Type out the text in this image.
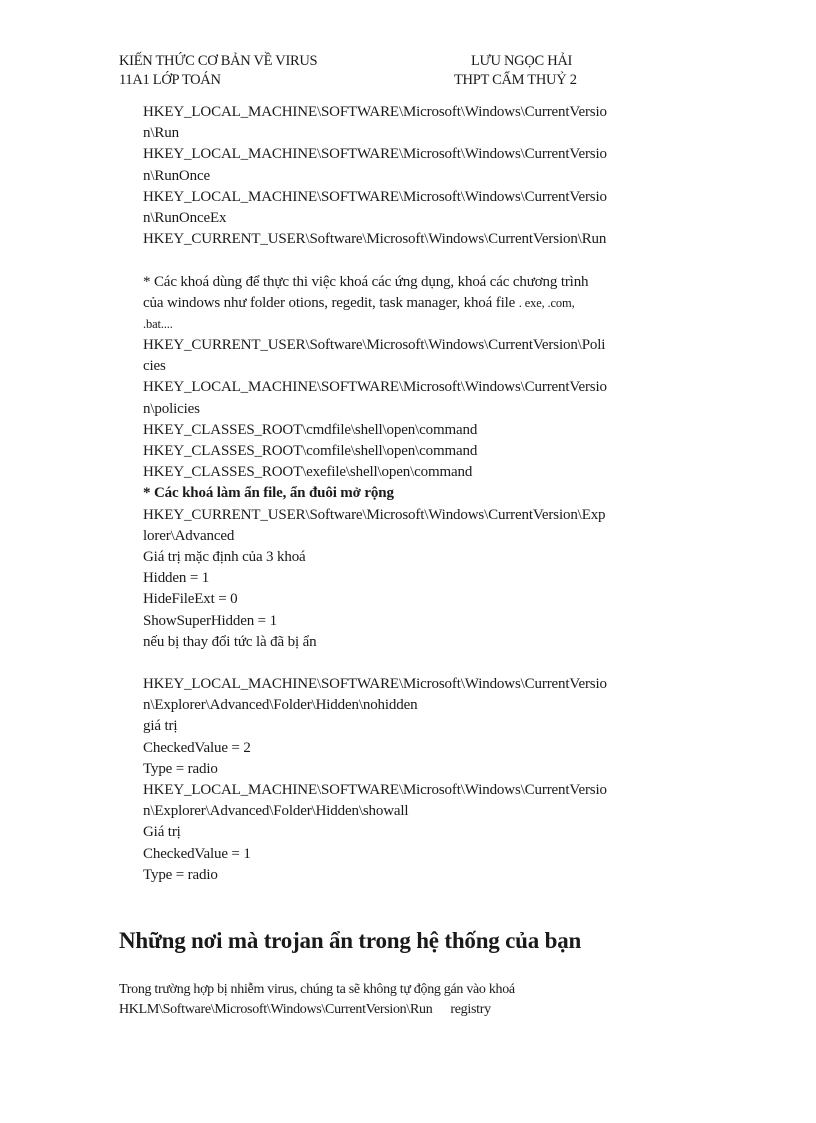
KIẾN THỨC CƠ BẢN VỀ VIRUS	LƯU NGỌC HẢI
11A1 LỚP TOÁN	THPT CẨM THUỶ 2
HKEY_LOCAL_MACHINE\SOFTWARE\Microsoft\Windows\CurrentVersio
n\Run
HKEY_LOCAL_MACHINE\SOFTWARE\Microsoft\Windows\CurrentVersio
n\RunOnce
HKEY_LOCAL_MACHINE\SOFTWARE\Microsoft\Windows\CurrentVersio
n\RunOnceEx
HKEY_CURRENT_USER\Software\Microsoft\Windows\CurrentVersion\Run
* Các khoá dùng để thực thi việc khoá các ứng dụng, khoá các chương trình
của windows như folder otions, regedit, task manager, khoá file . exe, .com,
.bat....
HKEY_CURRENT_USER\Software\Microsoft\Windows\CurrentVersion\Poli
cies
HKEY_LOCAL_MACHINE\SOFTWARE\Microsoft\Windows\CurrentVersio
n\policies
HKEY_CLASSES_ROOT\cmdfile\shell\open\command
HKEY_CLASSES_ROOT\comfile\shell\open\command
HKEY_CLASSES_ROOT\exefile\shell\open\command
* Các khoá làm ẩn file, ẩn đuôi mở rộng
HKEY_CURRENT_USER\Software\Microsoft\Windows\CurrentVersion\Exp
lorer\Advanced
Giá trị mặc định của 3 khoá
Hidden = 1
HideFileExt = 0
ShowSuperHidden = 1
nếu bị thay đổi tức là đã bị ẩn
HKEY_LOCAL_MACHINE\SOFTWARE\Microsoft\Windows\CurrentVersio
n\Explorer\Advanced\Folder\Hidden\nohidden
giá trị
CheckedValue = 2
Type = radio
HKEY_LOCAL_MACHINE\SOFTWARE\Microsoft\Windows\CurrentVersio
n\Explorer\Advanced\Folder\Hidden\showall
Giá trị
CheckedValue = 1
Type = radio
Những nơi mà trojan ẩn trong hệ thống của bạn
Trong trường hợp bị nhiễm virus, chúng ta sẽ không tự động gán vào khoá
HKLM\Software\Microsoft\Windows\CurrentVersion\Run registry
